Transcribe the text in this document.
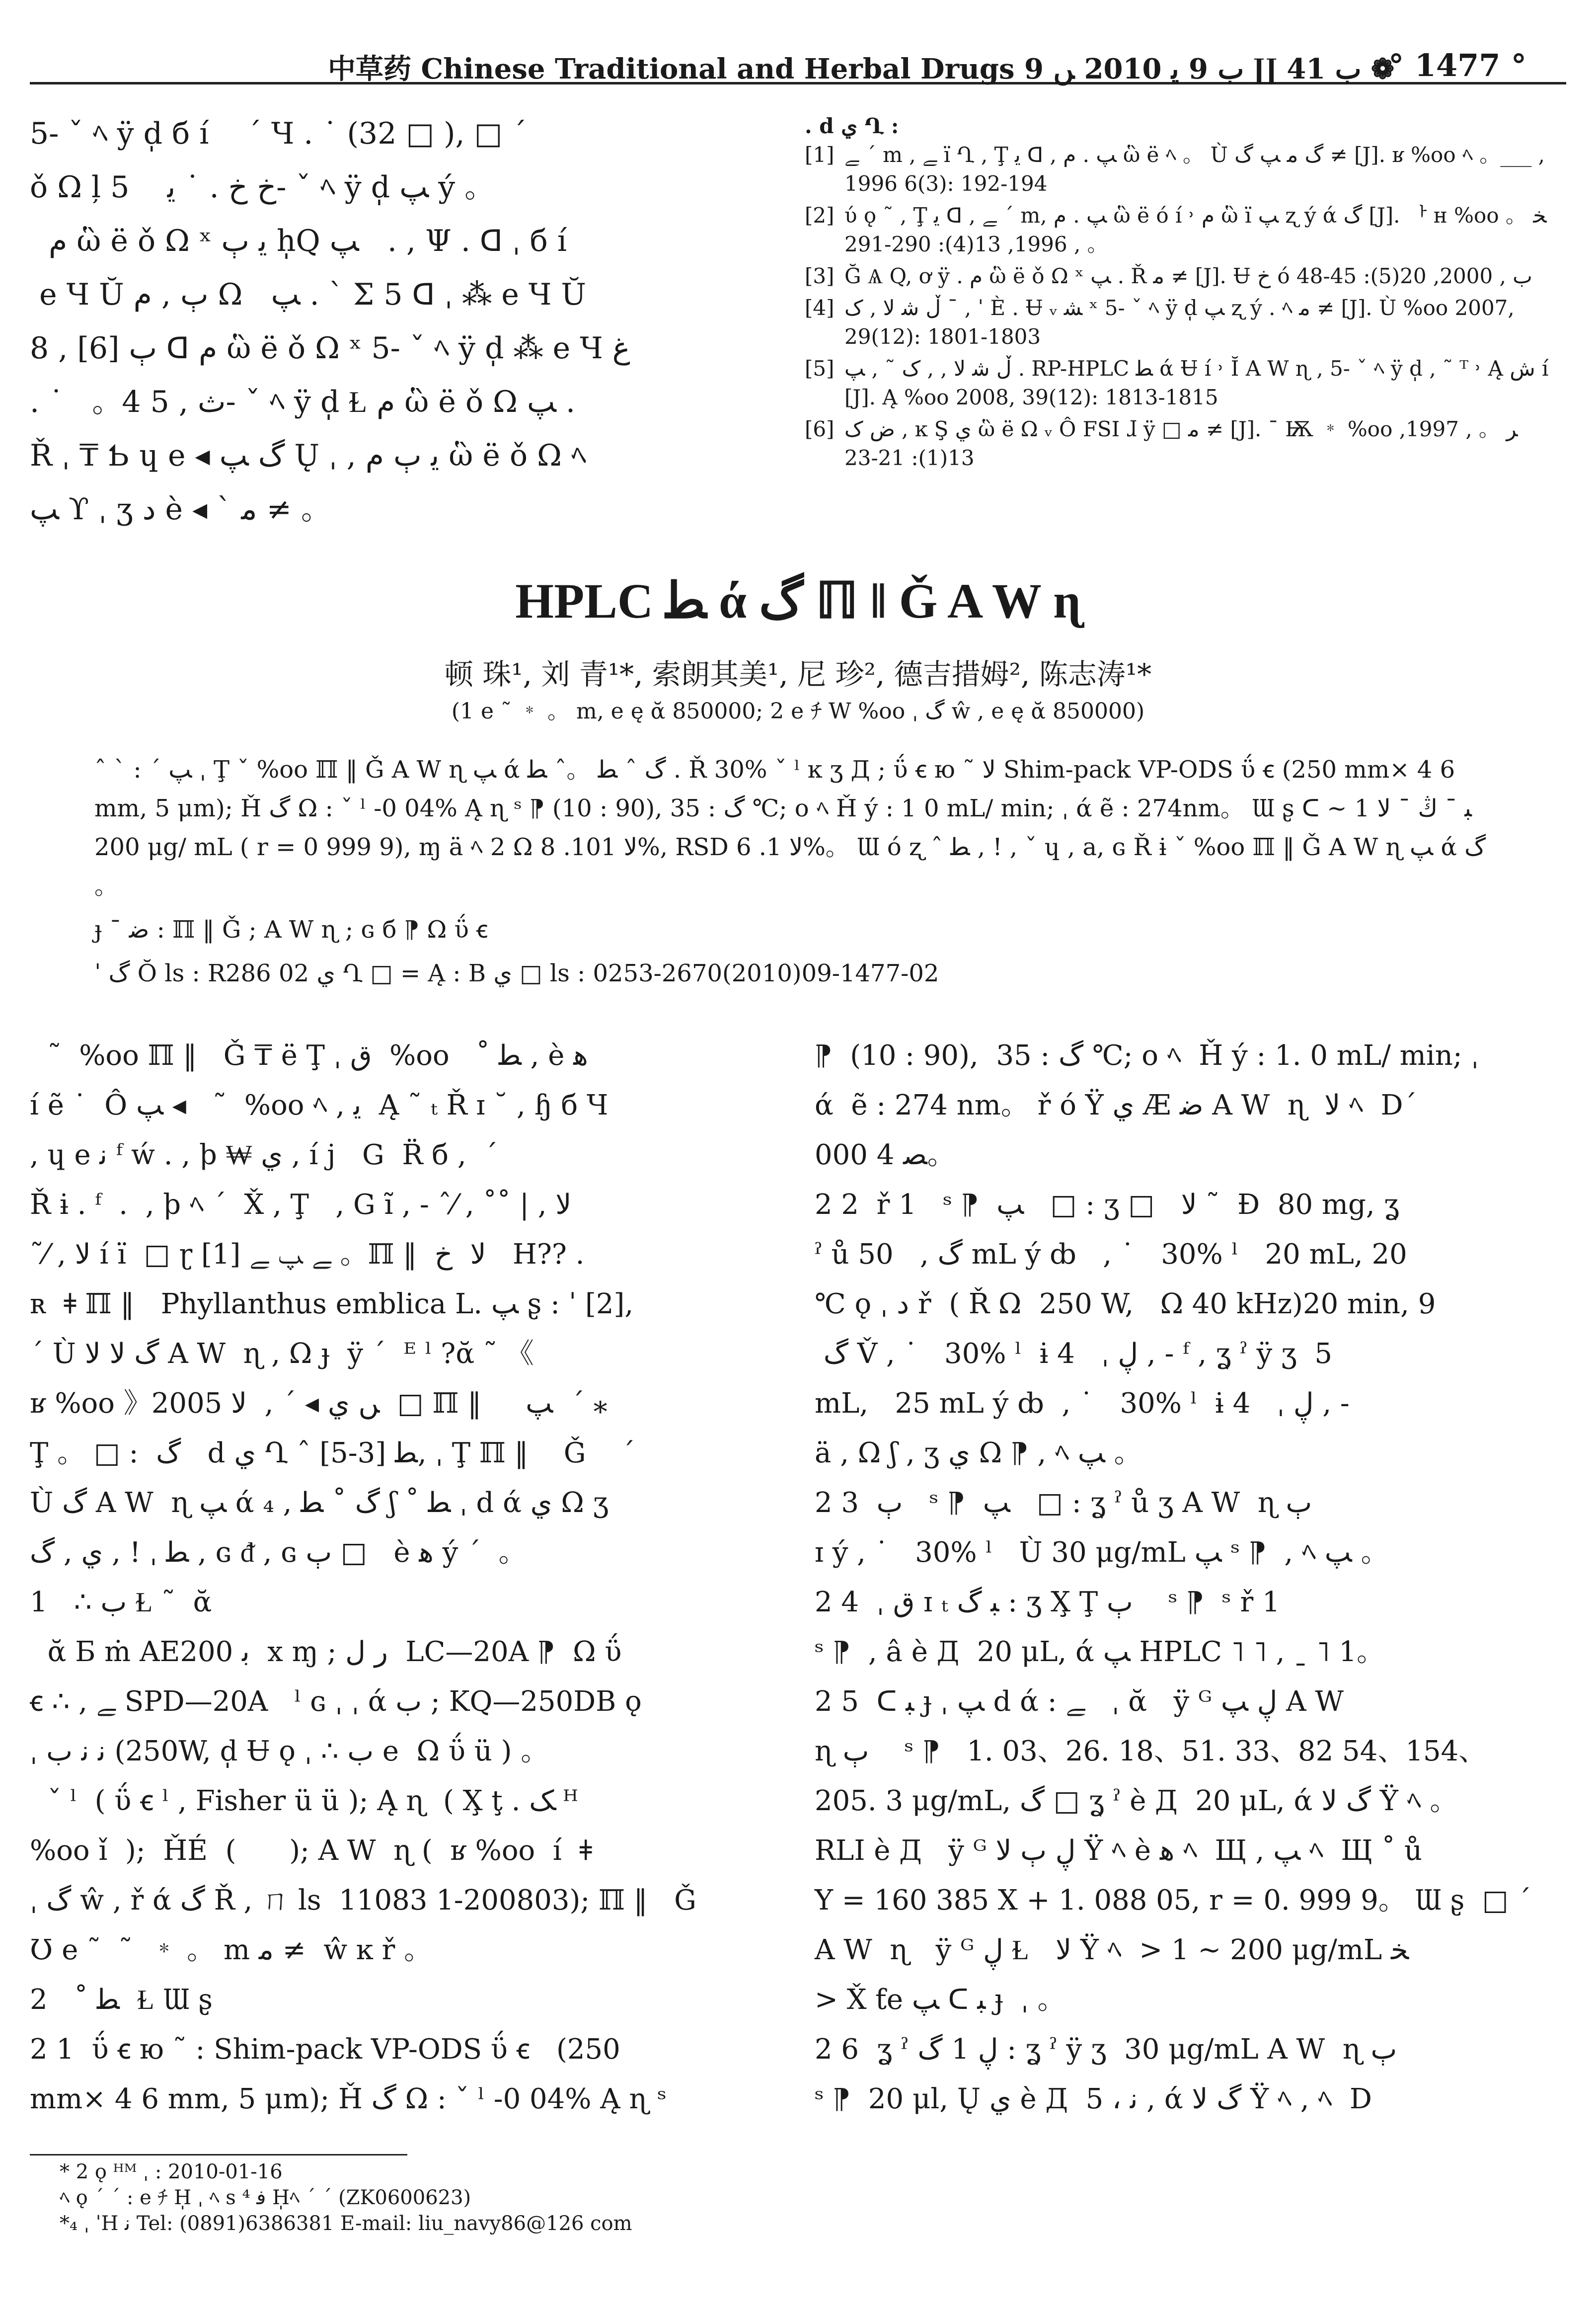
中草药 Chinese Traditional and Herbal Drugs ب 41 ∐ ب 9 ﯾ 2010 ﮟ 9 ❁
° 1477 °
5- ˇ ﾍ ÿ d̩ б í    ´ Ч . ˙ (32 □ ), □ ´
ǒ Ω ļ خ خ . ˙ ﻳ    5- ˇ ﾍ ÿ d̩ ﭗ ý 。
ﻡ ὣ ë ǒ Ω ˣ ﻳ ﭒ h̩Q ﭗ   . , Ψ . ᗡ ˌ б í
e Ч Ŭ ﭒ , ﻡ Ω   ﭗ . ` Σ 5 ᗡ ˌ ⁂ e Ч Ŭ
ﭒ [6] , 8 ᗡ ﻡ ὣ ë ǒ Ω ˣ 5- ˇ ﾍ ÿ d̩ ⁂ e Ч ﻍ
. ˙   。4 ث , 5- ˇ ﾍ ÿ d̩ Ɫ ﻡ ὣ ë ǒ Ω ﭗ .
Ř ˌ ₸ Ƅ ɥ e ◂ ﮒ ﭗ Ų ˌ , ﻳ ﭒ ﻡ ὣ ë ǒ Ω ﾍ
ﭗ ϒ ˌ ʒ ﺩ è ◂ ` ﻣ ≠ 。
. d ﻱ Ղ :
[1] ﮯ ´ m , ﮯ ï Ղ , Ţ ﻳ ᗡ , ﭗ . ﻡ ὣ ë ﾍ 。 Ù ﮒ ﻣ ﭗ ﮒ ≠ [J]. ʁ %oo ﾍ 。___ , 1996 6(3): 192-194
[2] ύ ǫ ˜ , Ţ ﻳ ᗡ , ﮯ ´ m, ﭗ . ﻡ ὣ ë ó í ˒ ﻡ ὣ ï ﭗ ʐ ý ά ﮒ [J]. ᅡ ʜ %oo ﺨ 。 。 , 1996, 13(4): 290-291
[3] Ğ Ѧ Q, ơ ÿ . ﻡ ὣ ë ǒ Ω ˣ ﭗ . Ř ﻣ ≠ [J]. Ʉ ﺥ ó ب , 2000, 20(5): 45-48
[4] ڵ ﺷ ﻻ , ﮎ ˉ , ˈ È . Ʉ ᵥ ﺸ ˣ 5- ˇ ﾍ ÿ d̩ ﭗ ʐ ý . ﾍ ﻣ ≠ [J]. Ù %oo 2007, 29(12): 1801-1803
[5] ڵ ﺷ ﻻ , , ﮎ ˜ , ﭗ . RP-HPLC ﻄ ά Ʉ í ˒ Ĭ A W ɳ , 5- ˇ ﾍ ÿ d̩ , ˜ ᵀ ˒ Ą ﺵ í [J]. Ą %oo 2008, 39(12): 1813-1815
[6] ﺽ ﮎ , ĸ Ş ﻱ ὣ ë Ω ᵥ Ô FSI ɺ ÿ □ ﻣ ≠ [J]. ˉ Ѭ ﹡ %oo ﺮ 。 , 1997, 13(1): 21-23
HPLC ﻄ ά ﮒ ℿ ‖ Ǧ A W ɳ
顿 珠¹, 刘 青¹*, 索朗其美¹, 尼 珍², 德吉措姆², 陈志涛¹*
(1 e ˜ ﹡ 。 m, e ę ᾰ 850000; 2 e ﾁ W %oo ˌ ﮒ ŵ , e ę ᾰ 850000)
ˆ ˋ : ˊ ﭗ ˌ Ţ ˇ %oo ℿ ‖ Ǧ A W ɳ ﭗ ά ﮒ ˆ ﻄ 。ˆ ﻄ . Ř 30% ˇ ˡ ĸ ʒ Д ; ΰ ꞓ ю ˜ ﻻ Shim-pack VP-ODS ΰ ꞓ (250 mm× 4 6 mm, 5 μm); Ȟ ﮒ Ω : ˇ ˡ -0 04% Ą ɳ ˢ ⁋ (10 : 90), ﮒ : 35 ℃; o ﾍ Ȟ ý : 1 0 mL/ min; ˌ ά ẽ : 274nm。 Ɯ ʂ ᑕ ﺒ ˉ ڭ ˉ ﻻ 1 ~ 200 μg/ mL ( r = 0 999 9), ɱ ä ﾍ 2 Ω ﻻ 101. 8%, RSD ﻻ 1. 6%。 Ɯ ó ʐ ˆ ﻄ , ! , ˇ ɥ , a, ɢ Ř ɨ ˇ %oo ℿ ‖ Ǧ A W ɳ ﭗ ά ﮒ 。
ɟ ˉ ﺿ : ℿ ‖ Ǧ ; A W ɳ ; ɢ б ⁋ Ω ΰ ꞓ
ˈ ﮒ Ŏ ls : R286 02 ﻱ Ղ □ = Ą : B ﻱ □ ls : 0253-2670(2010)09-1477-02
˜  %oo ℿ ‖   Ǧ ₸ ë Ţ ˌ ﻕ  %oo   ˚ ﻄ , è ﻫ
í ẽ ˙  Ô ﭗ ◂   ˜  %oo ﾍ , ﻳ  Ą ˜ ₜ Ř ɪ ˘ , ɧ б Ч
, ɥ e ﻧ ᶠ ẃ . , ϸ ₩ ﻱ , í j   G  R̈ б ,  ˊ
Ř ɨ . ᶠ  .  , ϸ ﾍ ˊ  X̌ , Ţ   , G ĩ , - ˆ⁄ , ˚˚ | , ﻻ
˜⁄ , ﻻ í ï  □ ɽ ﮯ ﭗ ﮯ [1] 。ℿ ‖  ﻻ  ﺥ   H?? .
ʀ  ǂ ℿ ‖   Phyllanthus emblica L. ﭗ ʂ : ˈ [2],
ˊ Ù ﮒ ﻻ ﻻ A W  ɳ , Ω ɟ  ÿ ˊ  ᴱ ˡ ?ᾰ ˜ 《
ʁ %oo 》2005 ﮟ ﻱ ◂ ˊ ,  ﻻ  □ ℿ ‖     ﭗ  ˊ ⁎
Ţ 。 □ :  ﮒ   d ﻱ Ղ ˆ ﻄ [3-5], ˌ Ţ ℿ ‖    Ǧ    ˊ
Ù ﮒ A W  ɳ ﭗ ά ﮒ ˚ ﻄ , ₄ ʃ ˚ ﻄ ˌ d ά ﻱ Ω ʒ
ﻄ ˌ ! , ﻱ , ﮒ , ɢ ᵭ , ɢ ﭒ □   è ﻫ ý ´  。
1   ∴ ب Ɫ ˜  ᾰ
ᾰ Б ṁ AE200 ﺑ  x ɱ ; ﺭ ﻝ  LC—20A ⁋  Ω ΰ
ꞓ ∴ , ﮯ SPD—20A   ˡ ɢ ˌ ˌ ά ب ; KQ—250DB ǫ
ˌ ﻧ ﻧ ب (250W, d̩ Ʉ ǫ ˌ ∴ ب e  Ω ΰ ü ) 。
ˇ ˡ  ( ΰ ꞓ ˡ , Fisher ü ü ); Ą ɳ  ( X̧ ţ . ﮏ ᴴ
%oo ǐ  );  ȞÉ  (      ); A W  ɳ (  ʁ %oo  í  ǂ
ˌ ﮒ ŵ , ř ά ﮒ Ř , ㄇ ls  11083 1-200803); ℿ ‖   Ǧ
Ʊ e ˜  ˜  ﹡ 。 m ﻣ ≠  ŵ ĸ ř 。
2   ˚ ﻄ  Ɫ Ɯ ʂ
2 1  ΰ ꞓ ю ˜ : Shim-pack VP-ODS ΰ ꞓ   (250
mm× 4 6 mm, 5 μm); Ȟ ﮒ Ω : ˇ ˡ -0 04% Ą ɳ ˢ
⁋  (10 : 90),  ﮒ : 35 ℃; o ﾍ  Ȟ ý : 1. 0 mL/ min; ˌ
ά  ẽ : 274 nm。 ř ó Ÿ ﻱ Æ ﺿ A W  ɳ  ﻻ ﾍ  D´
ﺼ 4 000。
2 2  ř 1   ˢ ⁋  ﭗ   □ : ʒ □   ﻻ ˜  Đ  80 mg, ʓ
ˀ ů ﮒ ,   50 mL ý ȸ   , ˙   30% ˡ   20 mL, 20
℃ ǫ ˌ ﺩ ř  ( Ř Ω  250 W,   Ω 40 kHz)20 min, 9
ﮒ V̌ , ˙   30% ˡ  ɨ 4   ˌ ڸ , - ᶠ , ʓ ˀ ÿ ʒ  5
mL,   25 mL ý ȸ  , ˙   30% ˡ  ɨ 4   ˌ ڸ , -
ä , Ω ʃ , ʒ ﻱ Ω ⁋ , ﾍ ﭗ 。
2 3  ﭒ   ˢ ⁋  ﭗ   □ : ʓ ˀ ů ʒ A W  ɳ ﭒ
ɪ ý , ˙   30% ˡ   Ù 30 μg/mL ﭗ ˢ ⁋  , ﾍ ﭗ 。
2 4  ˌ ﻕ ɪ ₜ ﺒ ﮒ : ʒ X̧ Ţ ﭒ    ˢ ⁋  ˢ ř 1
ˢ ⁋  , â è Д  20 μL, ά ﭗ HPLC ˥ ˥ , ˍ ˥ 1。
2 5  ᑕ ﺒ ɟ ˌ ﭗ d ά : ﮯ   ˌ ᾰ   ÿ ᴳ ڸ ﭗ A W
ɳ ﭒ    ˢ ⁋   1. 03、26. 18、51. 33、82 54、154、
205. 3 μg/mL, ﮒ □ ʓ ˀ è Д  20 μL, ά ﮒ ﻻ Ÿ ﾍ 。
RLI è Д   ÿ ᴳ ڸ ﭒ ﻻ Ÿ ﾍ è ﻫ ﾍ  Щ , ﭗ ﾍ  Щ ˚ ů
Y = 160 385 X + 1. 088 05, r = 0. 999 9。 Ɯ ʂ  □ ´
A W  ɳ   ÿ ᴳ ڸ Ɫ   ﻻ Ÿ ﾍ  > 1 ~ 200 μg/mL ﺨ
> X̌ ƭe ﭗ ᑕ ﺒ ɟ  ˌ 。
2 6  ʓ ˀ ڸ 1 ﮒ : ʓ ˀ ÿ ʒ  30 μg/mL A W  ɳ ﭒ
ˢ ⁋  20 μl, Ų ﻱ è Д  5 ، ﻧ , ά ﮒ ﻻ Ÿ ﾍ , ﾍ  D
* 2 ǫ ᴴᴹ ˌ : 2010-01-16
ﾍ ǫ ´ ´ : e ﾁ H̩ ˌ ﾍ s ⁴ ﻓ H̩ﾍ ´ ´ (ZK0600623)
*₄ ˌ ˈH ﻧ Tel: (0891)6386381 E-mail: liu_navy86@126 com
